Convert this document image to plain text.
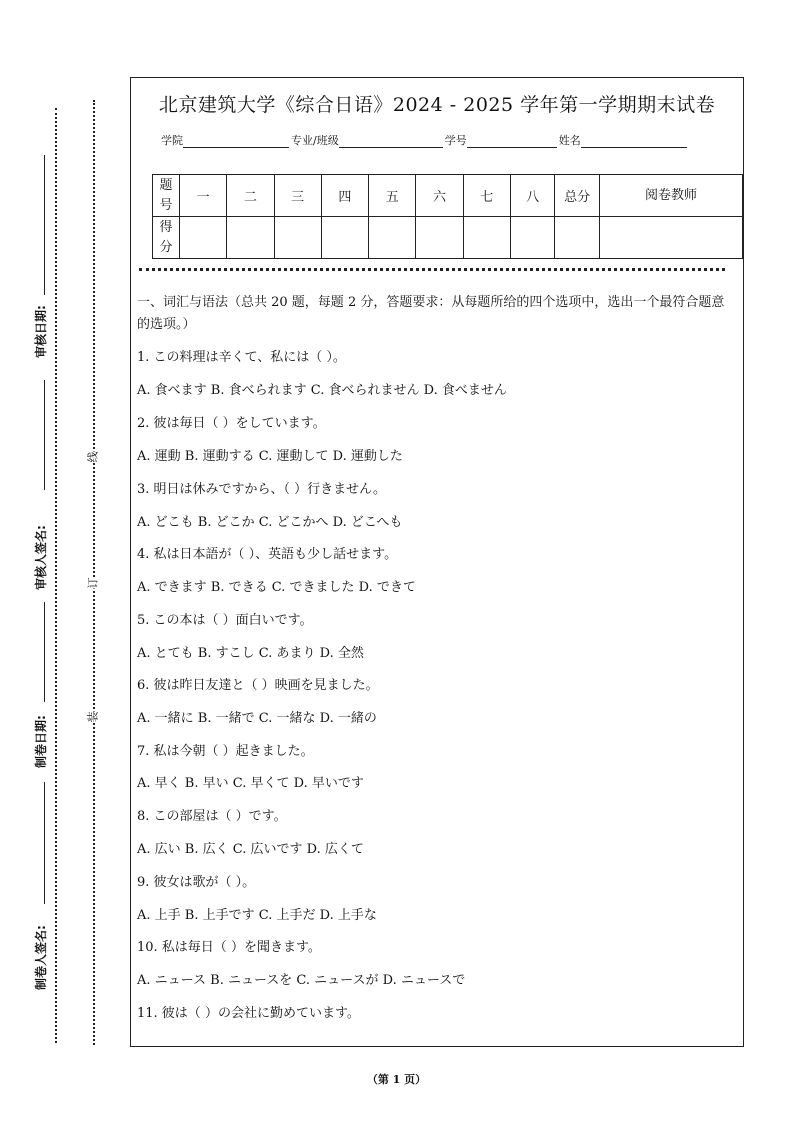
审核日期:
审核人签名:
制卷日期:
制卷人签名:
线
订
装
北京建筑大学《综合日语》2024 - 2025 学年第一学期期末试卷
学院	专业/班级	学号	姓名
题号	一	二	三	四	五	六	七	八	总分	阅卷教师
得分										
一、词汇与语法（总共 20 题，每题 2 分，答题要求：从每题所给的四个选项中，选出一个最符合题意的选项。）
1. この料理は辛くて、私には（ ）。
A. 食べます B. 食べられます C. 食べられません D. 食べません
2. 彼は毎日（ ）をしています。
A. 運動 B. 運動する C. 運動して D. 運動した
3. 明日は休みですから、（ ）行きません。
A. どこも B. どこか C. どこかへ D. どこへも
4. 私は日本語が（ ）、英語も少し話せます。
A. できます B. できる C. できました D. できて
5. この本は（ ）面白いです。
A. とても B. すこし C. あまり D. 全然
6. 彼は昨日友達と（ ）映画を見ました。
A. 一緒に B. 一緒で C. 一緒な D. 一緒の
7. 私は今朝（ ）起きました。
A. 早く B. 早い C. 早くて D. 早いです
8. この部屋は（ ）です。
A. 広い B. 広く C. 広いです D. 広くて
9. 彼女は歌が（ ）。
A. 上手 B. 上手です C. 上手だ D. 上手な
10. 私は毎日（ ）を聞きます。
A. ニュース B. ニュースを C. ニュースが D. ニュースで
11. 彼は（ ）の会社に勤めています。
（第 1 页）
